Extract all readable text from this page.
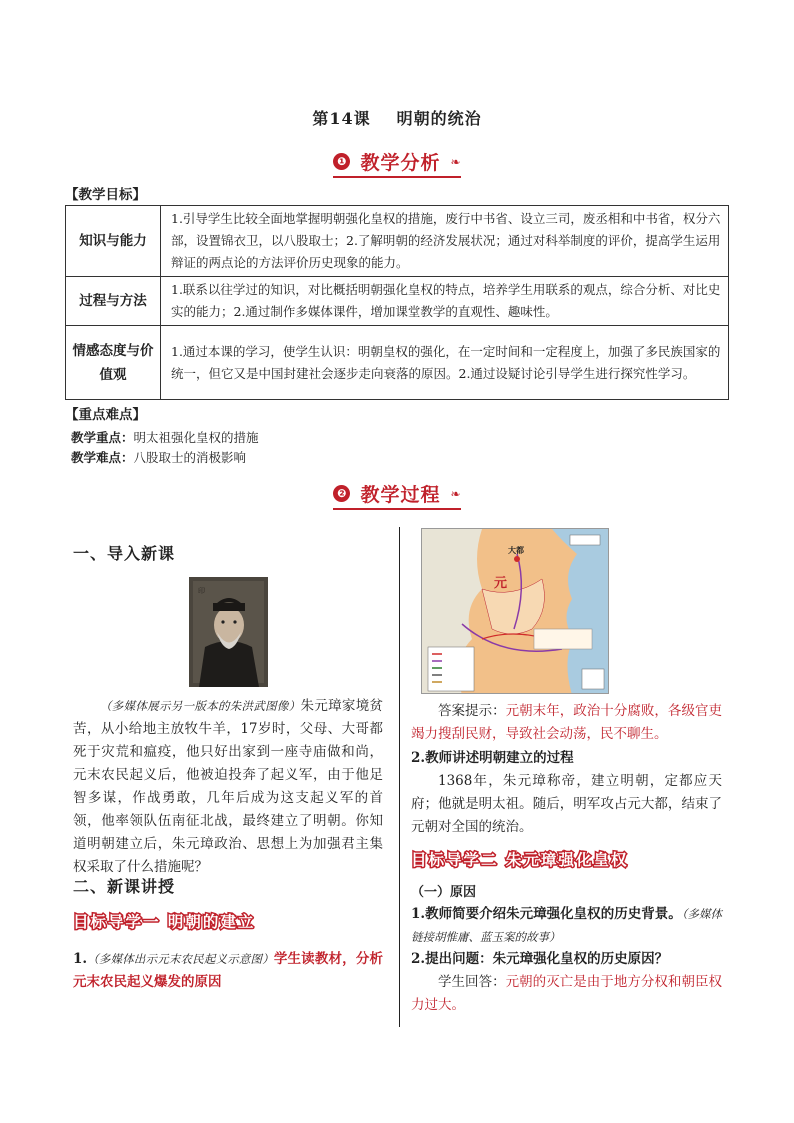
第14课 明朝的统治
❶ 教学分析 ❧
【教学目标】
知识与能力	1.引导学生比较全面地掌握明朝强化皇权的措施，废行中书省、设立三司，废丞相和中书省，权分六部，设置锦衣卫，以八股取士；2.了解明朝的经济发展状况；通过对科举制度的评价，提高学生运用辩证的两点论的方法评价历史现象的能力。
过程与方法	1.联系以往学过的知识，对比概括明朝强化皇权的特点，培养学生用联系的观点，综合分析、对比史实的能力；2.通过制作多媒体课件，增加课堂教学的直观性、趣味性。
情感态度与价值观	1.通过本课的学习，使学生认识：明朝皇权的强化，在一定时间和一定程度上，加强了多民族国家的统一，但它又是中国封建社会逐步走向衰落的原因。2.通过设疑讨论引导学生进行探究性学习。
【重点难点】
教学重点：明太祖强化皇权的措施
教学难点：八股取士的消极影响
❷ 教学过程 ❧
一、导入新课
印
（多媒体展示另一版本的朱洪武图像）朱元璋家境贫苦，从小给地主放牧牛羊，17岁时，父母、大哥都死于灾荒和瘟疫，他只好出家到一座寺庙做和尚，元末农民起义后，他被迫投奔了起义军，由于他足智多谋，作战勇敢，几年后成为这支起义军的首领，他率领队伍南征北战，最终建立了明朝。你知道明朝建立后，朱元璋政治、思想上为加强君主集权采取了什么措施呢？
二、新课讲授
目标导学一 明朝的建立
1.（多媒体出示元末农民起义示意图）学生读教材，分析元末农民起义爆发的原因
大都
元
答案提示：元朝末年，政治十分腐败，各级官吏竭力搜刮民财，导致社会动荡，民不聊生。
2.教师讲述明朝建立的过程
1368年，朱元璋称帝，建立明朝，定都应天府；他就是明太祖。随后，明军攻占元大都，结束了元朝对全国的统治。
目标导学二 朱元璋强化皇权
（一）原因
1.教师简要介绍朱元璋强化皇权的历史背景。（多媒体链接胡惟庸、蓝玉案的故事）
2.提出问题：朱元璋强化皇权的历史原因？
学生回答：元朝的灭亡是由于地方分权和朝臣权力过大。
